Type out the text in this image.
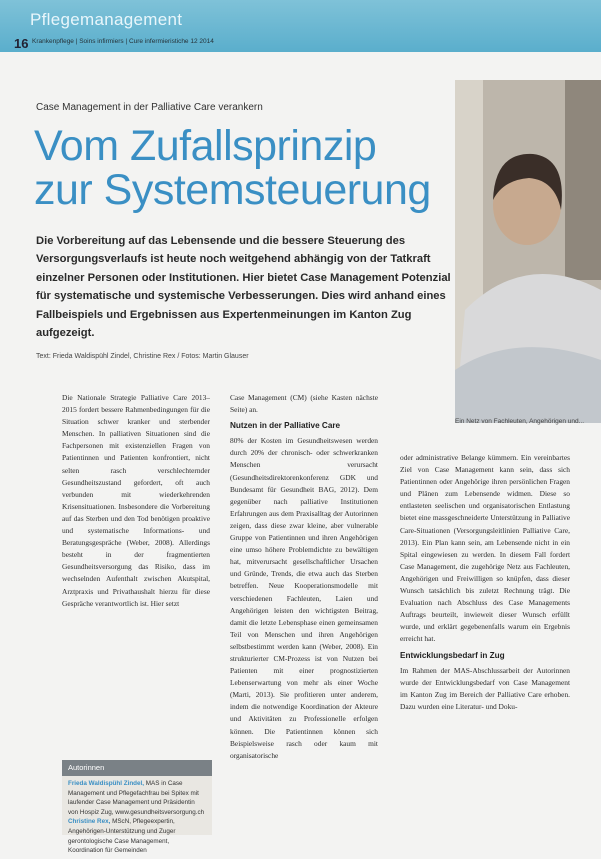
Pflegemanagement
16 Krankenpflege | Soins infirmiers | Cure infermieristiche 12 2014
Ein Netz von Fachleuten, Angehörigen und...
Case Management in der Palliative Care verankern
Vom Zufallsprinzip
zur Systemsteuerung
Die Vorbereitung auf das Lebensende und die bessere Steuerung des Versorgungsverlaufs ist heute noch weitgehend abhängig von der Tatkraft einzelner Personen oder Institutionen. Hier bietet Case Management Potenzial für systematische und systemische Verbesserungen. Dies wird anhand eines Fallbeispiels und Ergebnissen aus Expertenmeinungen im Kanton Zug aufgezeigt.
Text: Frieda Waldispühl Zindel, Christine Rex / Fotos: Martin Glauser

Die Nationale Strategie Palliative Care 2013–2015 fordert bessere Rahmenbedingungen für die Situation schwer kranker und sterbender Menschen. In palliativen Situationen sind die Fachpersonen mit existenziellen Fragen von Patientinnen und Patienten konfrontiert, nicht selten rasch verschlechternder Gesundheitszustand gefordert, oft auch verbunden mit wiederkehrenden Krisensituationen. Insbesondere die Vorbereitung auf das Sterben und den Tod benötigen proaktive und systematische Informations- und Beratungsgespräche (Weber, 2008). Allerdings besteht in der fragmentierten Gesundheitsversorgung das Risiko, dass im wechselnden Aufenthalt zwischen Akutspital, Arztpraxis und Privathaushalt hierzu für diese Gespräche verantwortlich ist. Hier setzt

Case Management (CM) (siehe Kasten nächste Seite) an.

Nutzen in der Palliative Care

80% der Kosten im Gesundheitswesen werden durch 20% der chronisch- oder schwerkranken Menschen verursacht (Gesundheitsdirektorenkonferenz GDK und Bundesamt für Gesundheit BAG, 2012). Dem gegenüber nach palliative Institutionen Erfahrungen aus dem Praxisalltag der Autorinnen zeigen, dass diese zwar kleine, aber vulnerable Gruppe von Patientinnen und ihren Angehörigen eine umso höhere Problemdichte zu bewältigen hat, mitverursacht gesellschaftlicher Ursachen und Gründe, Trends, die etwa auch das Sterben betreffen. Neue Kooperationsmodelle mit verschiedenen Fachleuten, Laien und Angehörigen leisten den wichtigsten Beitrag, damit die letzte Lebensphase einen gemeinsamen Teil von Menschen und ihren Angehörigen selbstbestimmt werden kann (Weber, 2008). Ein strukturierter CM-Prozess ist von Nutzen bei Patienten mit einer prognostizierten Lebenserwartung von mehr als einer Woche (Marti, 2013). Sie profitieren unter anderem, indem die notwendige Koordination der Akteure und Aktivitäten zu Professionelle erfolgen können. Die Patientinnen können sich Beispielsweise rasch oder kaum mit organisatorische

oder administrative Belange kümmern. Ein vereinbartes Ziel von Case Management kann sein, dass sich Patientinnen oder Angehörige ihren persönlichen Fragen und Plänen zum Lebensende widmen. Diese so entlasteten seelischen und organisatorischen Entlastung bietet eine massgeschneiderte Unterstützung in Palliative Care-Situationen (Versorgungsleitlinien Palliative Care, 2013). Ein Plan kann sein, am Lebensende nicht in ein Spital eingewiesen zu werden. In diesem Fall fordert Case Management, die zugehörige Netz aus Fachleuten, Angehörigen und Freiwilligen so knüpfen, dass dieser Wunsch tatsächlich bis zuletzt Rechnung trägt. Die Evaluation nach Abschluss des Case Managements Auftrags beurteilt, inwieweit dieser Wunsch erfüllt wurde, und erklärt gegebenenfalls warum ein Ergebnis erreicht hat.

Entwicklungsbedarf in Zug

Im Rahmen der MAS-Abschlussarbeit der Autorinnen wurde der Entwicklungsbedarf von Case Management im Kanton Zug im Bereich der Palliative Care erhoben. Dazu wurden eine Literatur- und Doku-

Autorinnen
Frieda Waldispühl Zindel, MAS in Case Management und Pflegefachfrau bei Spitex mit laufender Case Management und Präsidentin von Hospiz Zug, www.gesundheitsversorgung.ch Christine Rex, MScN, Pflegeexpertin, Angehörigen-Unterstützung und Zuger gerontologische Case Management, Koordination für Gemeinden
